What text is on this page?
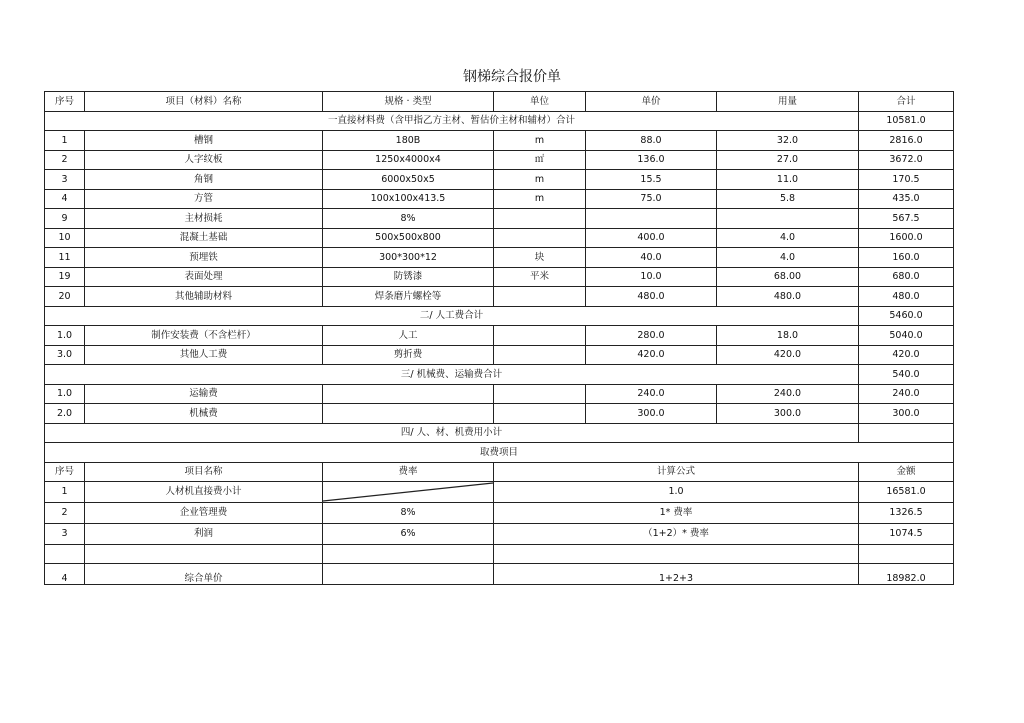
钢梯综合报价单
序号	项目（材料）名称	规格 · 类型	单位	单价	用量	合计
一直接材料费（含甲指乙方主材、暂估价主材和辅材）合计						10581.0
1	槽钢	180B	m	88.0	32.0	2816.0
2	人字纹板	1250x4000x4	㎡	136.0	27.0	3672.0
3	角钢	6000x50x5	m	15.5	11.0	170.5
4	方管	100x100x413.5	m	75.0	5.8	435.0
9	主材损耗	8%				567.5
10	混凝土基础	500x500x800		400.0	4.0	1600.0
11	预埋铁	300*300*12	块	40.0	4.0	160.0
19	表面处理	防锈漆	平米	10.0	68.00	680.0
20	其他辅助材料	焊条磨片螺栓等		480.0	480.0	480.0
二/ 人工费合计						5460.0
1.0	制作安装费（不含栏杆）	人工		280.0	18.0	5040.0
3.0	其他人工费	剪折费		420.0	420.0	420.0
三/ 机械费、运输费合计						540.0
1.0	运输费			240.0	240.0	240.0
2.0	机械费			300.0	300.0	300.0
四/ 人、材、机费用小计						
取费项目						
序号	项目名称	费率	计算公式			金额
1	人材机直接费小计		1.0			16581.0
2	企业管理费	8%	1* 费率			1326.5
3	利润	6%	（1+2）* 费率			1074.5

4	综合单价		1+2+3			18982.0
